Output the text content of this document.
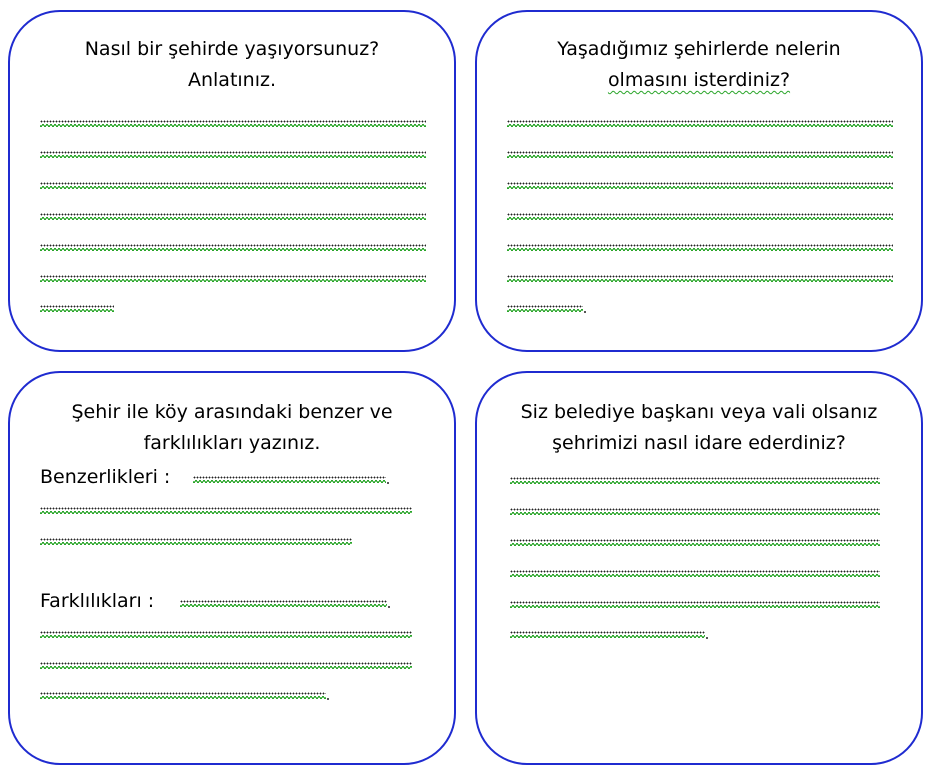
Nasıl bir şehirde yaşıyorsunuz?
Anlatınız.
Yaşadığımız şehirlerde nelerin
olmasını isterdiniz?
Şehir ile köy arasındaki benzer ve
farklılıkları yazınız.
Benzerlikleri :
Farklılıkları :
Siz belediye başkanı veya vali olsanız
şehrimizi nasıl idare ederdiniz?
